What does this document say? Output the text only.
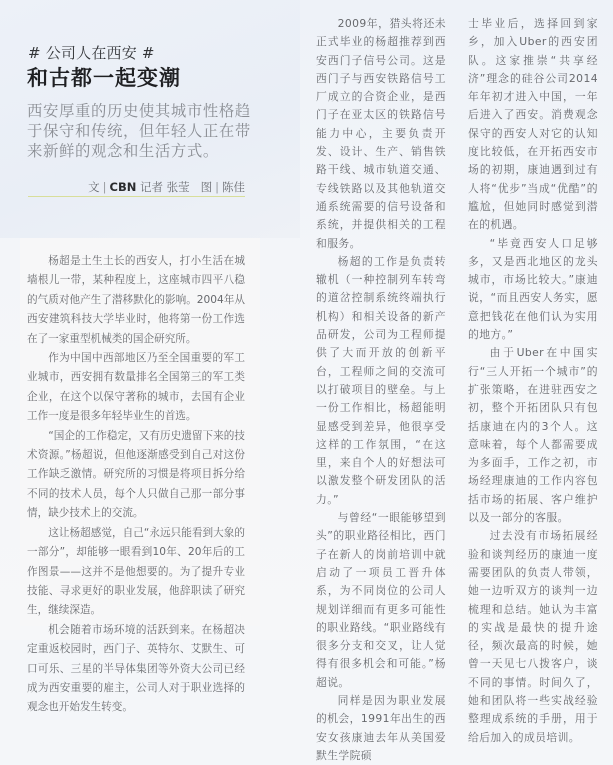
# 公司人在西安 #
和古都一起变潮
西安厚重的历史使其城市性格趋于保守和传统，但年轻人正在带来新鲜的观念和生活方式。
文 | CBN 记者 张莹 图 | 陈佳

杨超是土生土长的西安人，打小生活在城墙根儿一带，某种程度上，这座城市四平八稳的气质对他产生了潜移默化的影响。2004年从西安建筑科技大学毕业时，他将第一份工作选在了一家重型机械类的国企研究所。

作为中国中西部地区乃至全国重要的军工业城市，西安拥有数量排名全国第三的军工类企业，在这个以保守著称的城市，去国有企业工作一度是很多年轻毕业生的首选。

“国企的工作稳定，又有历史遗留下来的技术资源。”杨超说，但他逐渐感受到自己对这份工作缺乏激情。研究所的习惯是将项目拆分给不同的技术人员，每个人只做自己那一部分事情，缺少技术上的交流。

这让杨超感觉，自己“永远只能看到大象的一部分”，却能够一眼看到10年、20年后的工作图景——这并不是他想要的。为了提升专业技能、寻求更好的职业发展，他辞职读了研究生，继续深造。

机会随着市场环境的活跃到来。在杨超决定重返校园时，西门子、英特尔、艾默生、可口可乐、三星的半导体集团等外资大公司已经成为西安重要的雇主，公司人对于职业选择的观念也开始发生转变。

2009年，猎头将还未正式毕业的杨超推荐到西安西门子信号公司。这是西门子与西安铁路信号工厂成立的合资企业，是西门子在亚太区的铁路信号能力中心，主要负责开发、设计、生产、销售铁路干线、城市轨道交通、专线铁路以及其他轨道交通系统需要的信号设备和系统，并提供相关的工程和服务。

杨超的工作是负责转辙机（一种控制列车转弯的道岔控制系统终端执行机构）和相关设备的新产品研发，公司为工程师提供了大而开放的创新平台，工程师之间的交流可以打破项目的壁垒。与上一份工作相比，杨超能明显感受到差异，他很享受这样的工作氛围，“在这里，来自个人的好想法可以激发整个研发团队的活力。”

与曾经“一眼能够望到头”的职业路径相比，西门子在新人的岗前培训中就启动了一项员工晋升体系，为不同岗位的公司人规划详细而有更多可能性的职业路线。“职业路线有很多分支和交叉，让人觉得有很多机会和可能。”杨超说。

同样是因为职业发展的机会，1991年出生的西安女孩康迪去年从美国爱默生学院硕

士毕业后，选择回到家乡，加入Uber的西安团队。这家推崇“共享经济”理念的硅谷公司2014年年初才进入中国，一年后进入了西安。消费观念保守的西安人对它的认知度比较低，在开拓西安市场的初期，康迪遇到过有人将“优步”当成“优酷”的尴尬，但她同时感觉到潜在的机遇。

“毕竟西安人口足够多，又是西北地区的龙头城市，市场比较大。”康迪说，“而且西安人务实，愿意把钱花在他们认为实用的地方。”

由于Uber在中国实行“三人开拓一个城市”的扩张策略，在进驻西安之初，整个开拓团队只有包括康迪在内的3个人。这意味着，每个人都需要成为多面手，工作之初，市场经理康迪的工作内容包括市场的拓展、客户维护以及一部分的客服。

过去没有市场拓展经验和谈判经历的康迪一度需要团队的负责人带领，她一边听双方的谈判一边梳理和总结。她认为丰富的实战是最快的提升途径，频次最高的时候，她曾一天见七八拨客户，谈不同的事情。时间久了，她和团队将一些实战经验整理成系统的手册，用于给后加入的成员培训。
